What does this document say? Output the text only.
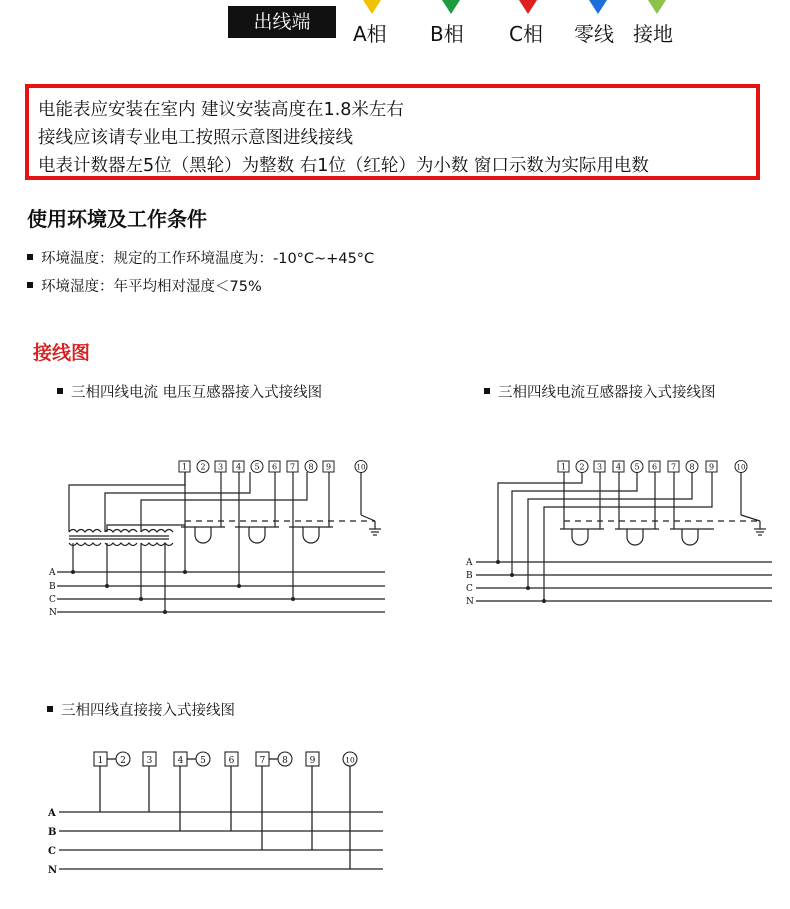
出线端	A相 B相 C相 零线 接地
电能表应安装在室内 建议安装高度在1.8米左右
接线应该请专业电工按照示意图进线接线
电表计数器左5位（黑轮）为整数 右1位（红轮）为小数 窗口示数为实际用电数
使用环境及工作条件
环境温度：规定的工作环境温度为：-10°C~+45°C
环境湿度：年平均相对湿度＜75%
接线图
三相四线电流 电压互感器接入式接线图	三相四线电流互感器接入式接线图
三相四线直接接入式接线图
A
B
C
N
1 2 3 4 5 6 7 8 9	10
A
B
C
N
1 2 3 4 5 6 7 8 9	10
A
B
C
N
1 2 3	4 5	6	7 8 9	10
